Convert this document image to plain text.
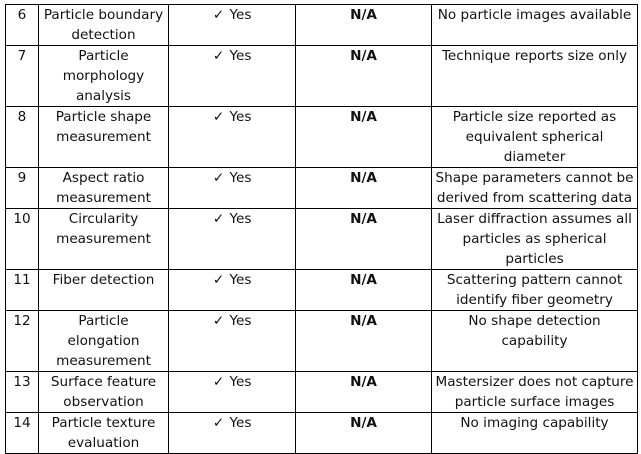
6	Particle boundary detection	✓ Yes	N/A	No particle images available
7	Particle morphology analysis	✓ Yes	N/A	Technique reports size only
8	Particle shape measurement	✓ Yes	N/A	Particle size reported as equivalent spherical diameter
9	Aspect ratio measurement	✓ Yes	N/A	Shape parameters cannot be derived from scattering data
10	Circularity measurement	✓ Yes	N/A	Laser diffraction assumes all particles as spherical particles
11	Fiber detection	✓ Yes	N/A	Scattering pattern cannot identify fiber geometry
12	Particle elongation measurement	✓ Yes	N/A	No shape detection capability
13	Surface feature observation	✓ Yes	N/A	Mastersizer does not capture particle surface images
14	Particle texture evaluation	✓ Yes	N/A	No imaging capability
